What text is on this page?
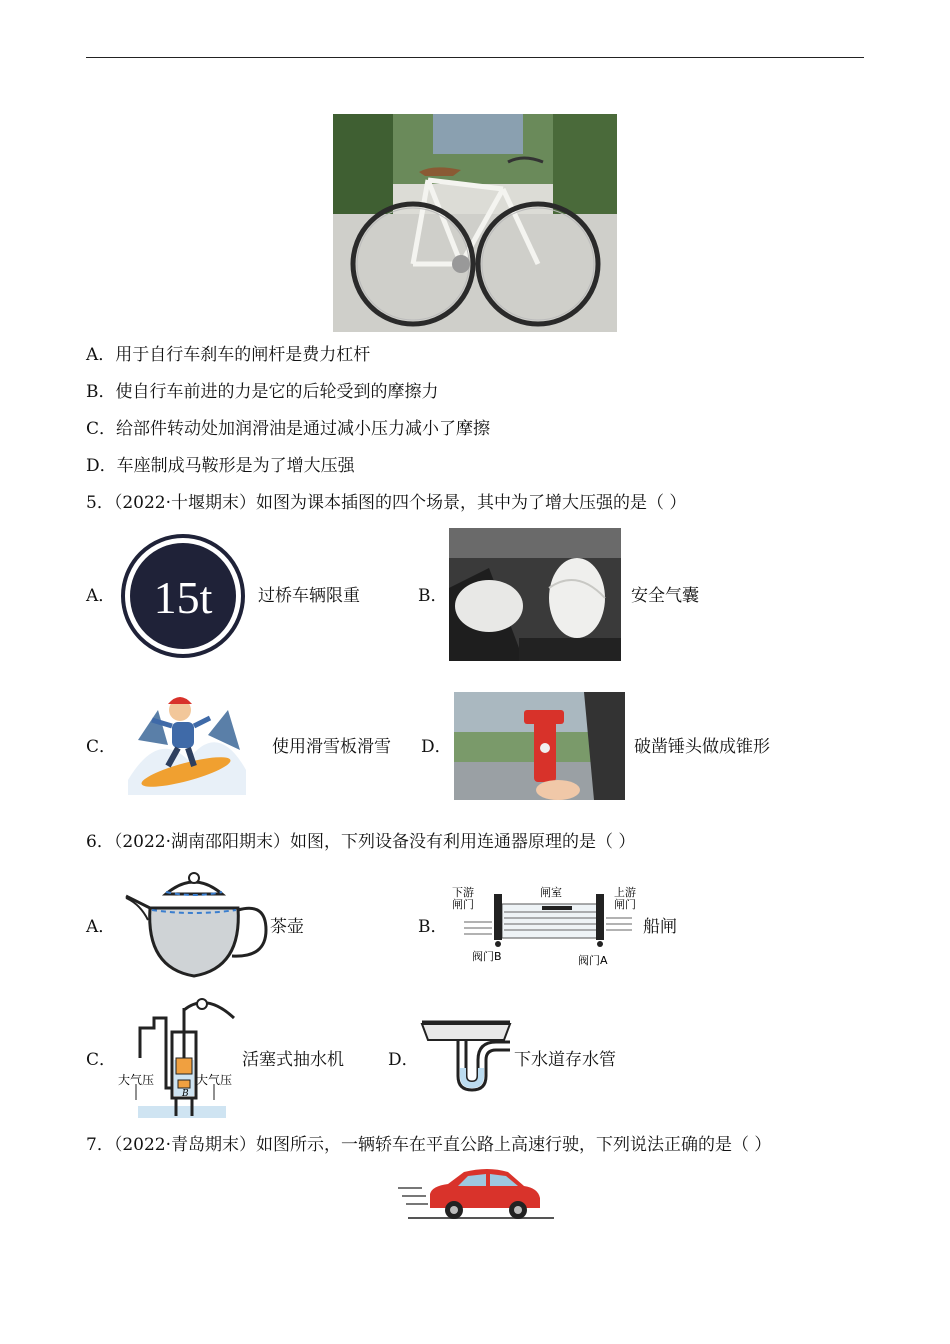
A．用于自行车刹车的闸杆是费力杠杆
B．使自行车前进的力是它的后轮受到的摩擦力
C．给部件转动处加润滑油是通过减小压力减小了摩擦
D．车座制成马鞍形是为了增大压强
5．（2022·十堰期末）如图为课本插图的四个场景，其中为了增大压强的是（ ）
A． 15t	过桥车辆限重	B．	安全气囊
C．	使用滑雪板滑雪 D．	破凿锤头做成锥形
6．（2022·湖南邵阳期末）如图，下列设备没有利用连通器原理的是（ ）
A．	茶壶	B．
下游
闸门
闸室	上游
闸门
阀门B	阀门A
船闸
C．
大气压	大气压
B
活塞式抽水机	D．	下水道存水管
7．（2022·青岛期末）如图所示，一辆轿车在平直公路上高速行驶，下列说法正确的是（ ）
